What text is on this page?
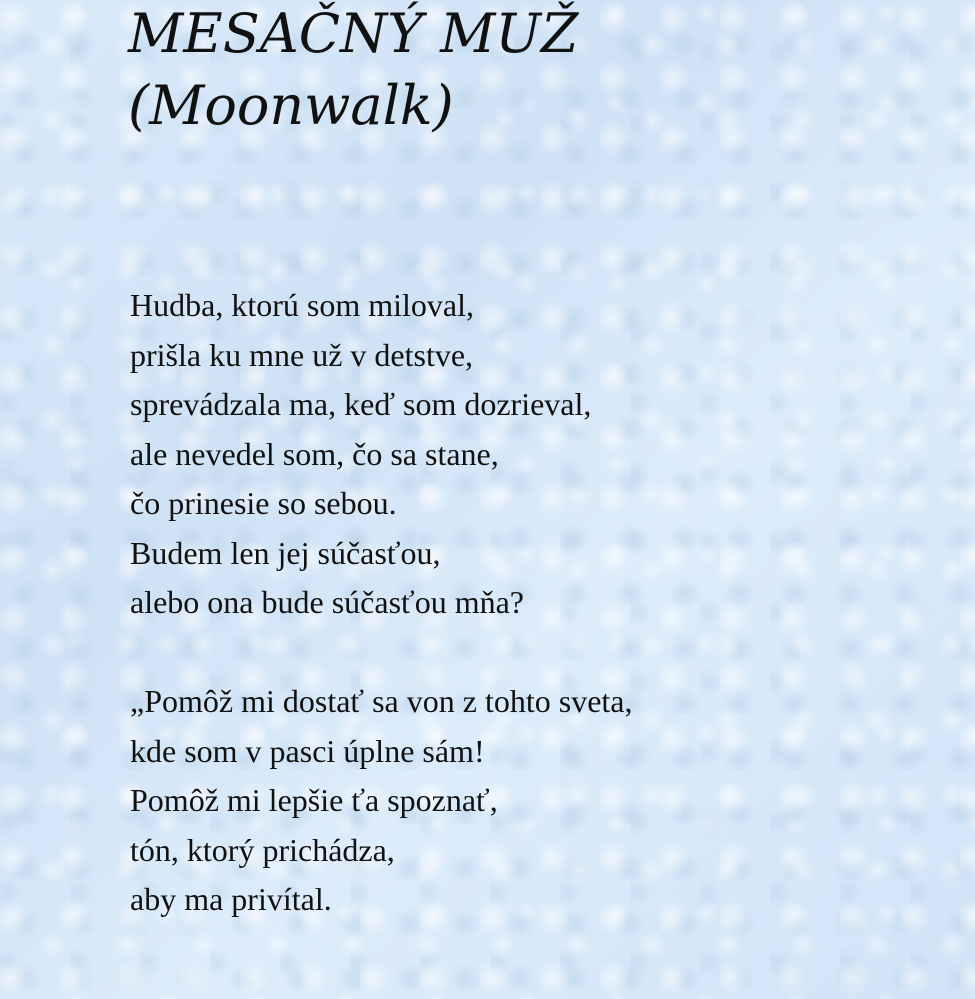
MESAČNÝ MUŽ
(Moonwalk)

Hudba, ktorú som miloval,
prišla ku mne už v detstve,
sprevádzala ma, keď som dozrieval,
ale nevedel som, čo sa stane,
čo prinesie so sebou.
Budem len jej súčasťou,
alebo ona bude súčasťou mňa?

„Pomôž mi dostať sa von z tohto sveta,
kde som v pasci úplne sám!
Pomôž mi lepšie ťa spoznať,
tón, ktorý prichádza,
aby ma privítal.
